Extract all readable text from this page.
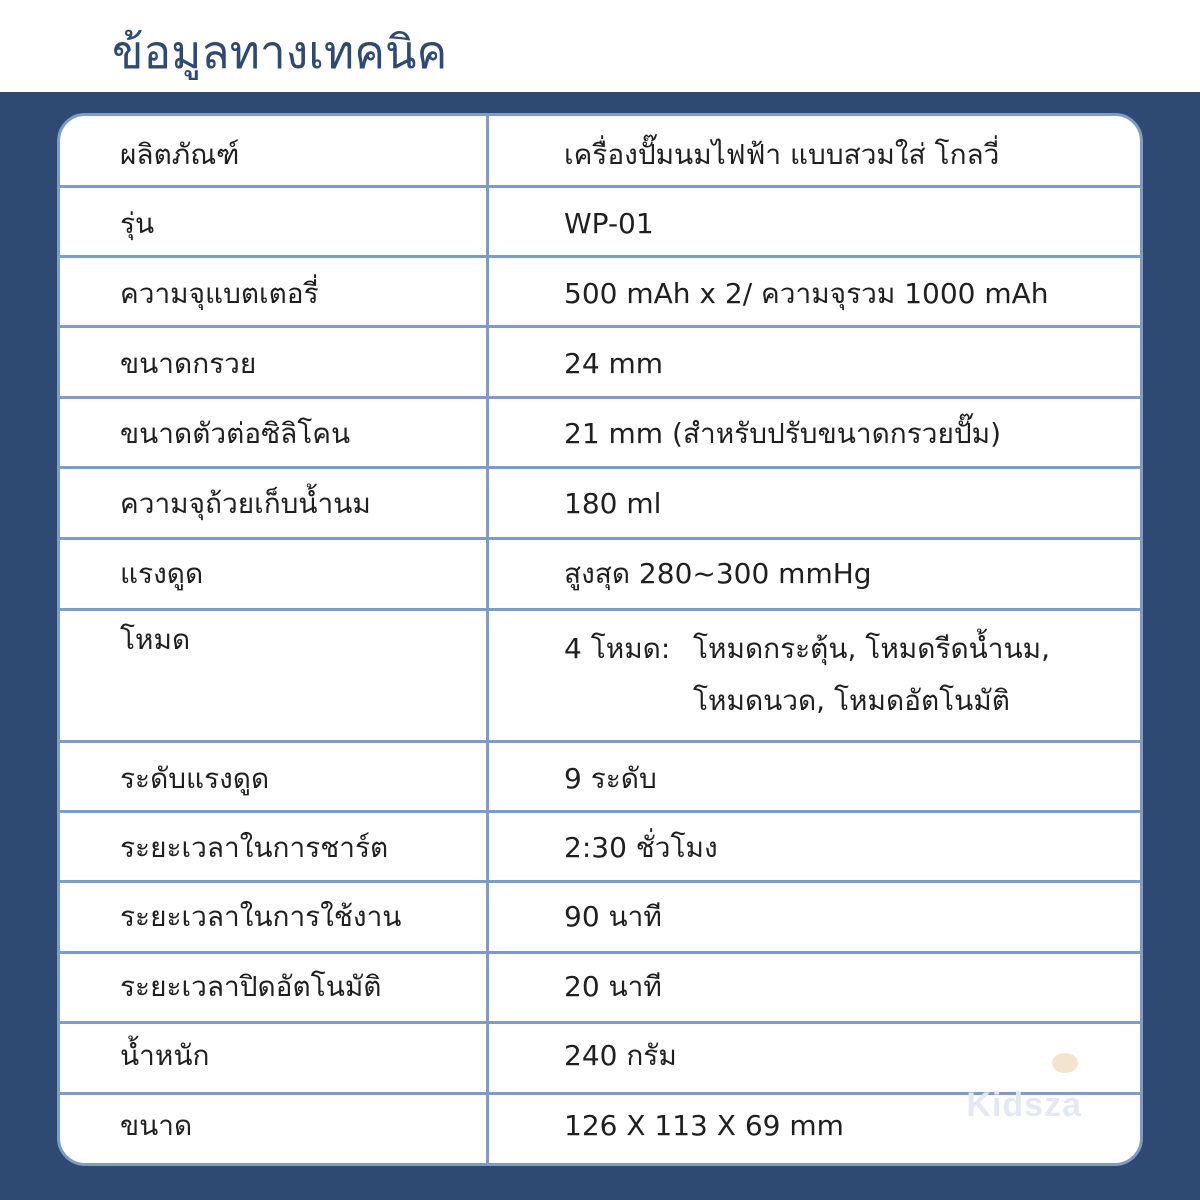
ข้อมูลทางเทคนิค
ผลิตภัณฑ์	เครื่องปั๊มนมไฟฟ้า แบบสวมใส่ โกลวี่
รุ่น	WP-01
ความจุแบตเตอรี่	500 mAh x 2/ ความจุรวม 1000 mAh
ขนาดกรวย	24 mm
ขนาดตัวต่อซิลิโคน	21 mm (สำหรับปรับขนาดกรวยปั๊ม)
ความจุถ้วยเก็บน้ำนม	180 ml
แรงดูด	สูงสุด 280~300 mmHg
โหมด	4 โหมด: โหมดกระตุ้น, โหมดรีดน้ำนม,
โหมดนวด, โหมดอัตโนมัติ
ระดับแรงดูด	9 ระดับ
ระยะเวลาในการชาร์ต	2:30 ชั่วโมง
ระยะเวลาในการใช้งาน	90 นาที
ระยะเวลาปิดอัตโนมัติ	20 นาที
น้ำหนัก	240 กรัม
ขนาด	126 X 113 X 69 mm
Kidsza
